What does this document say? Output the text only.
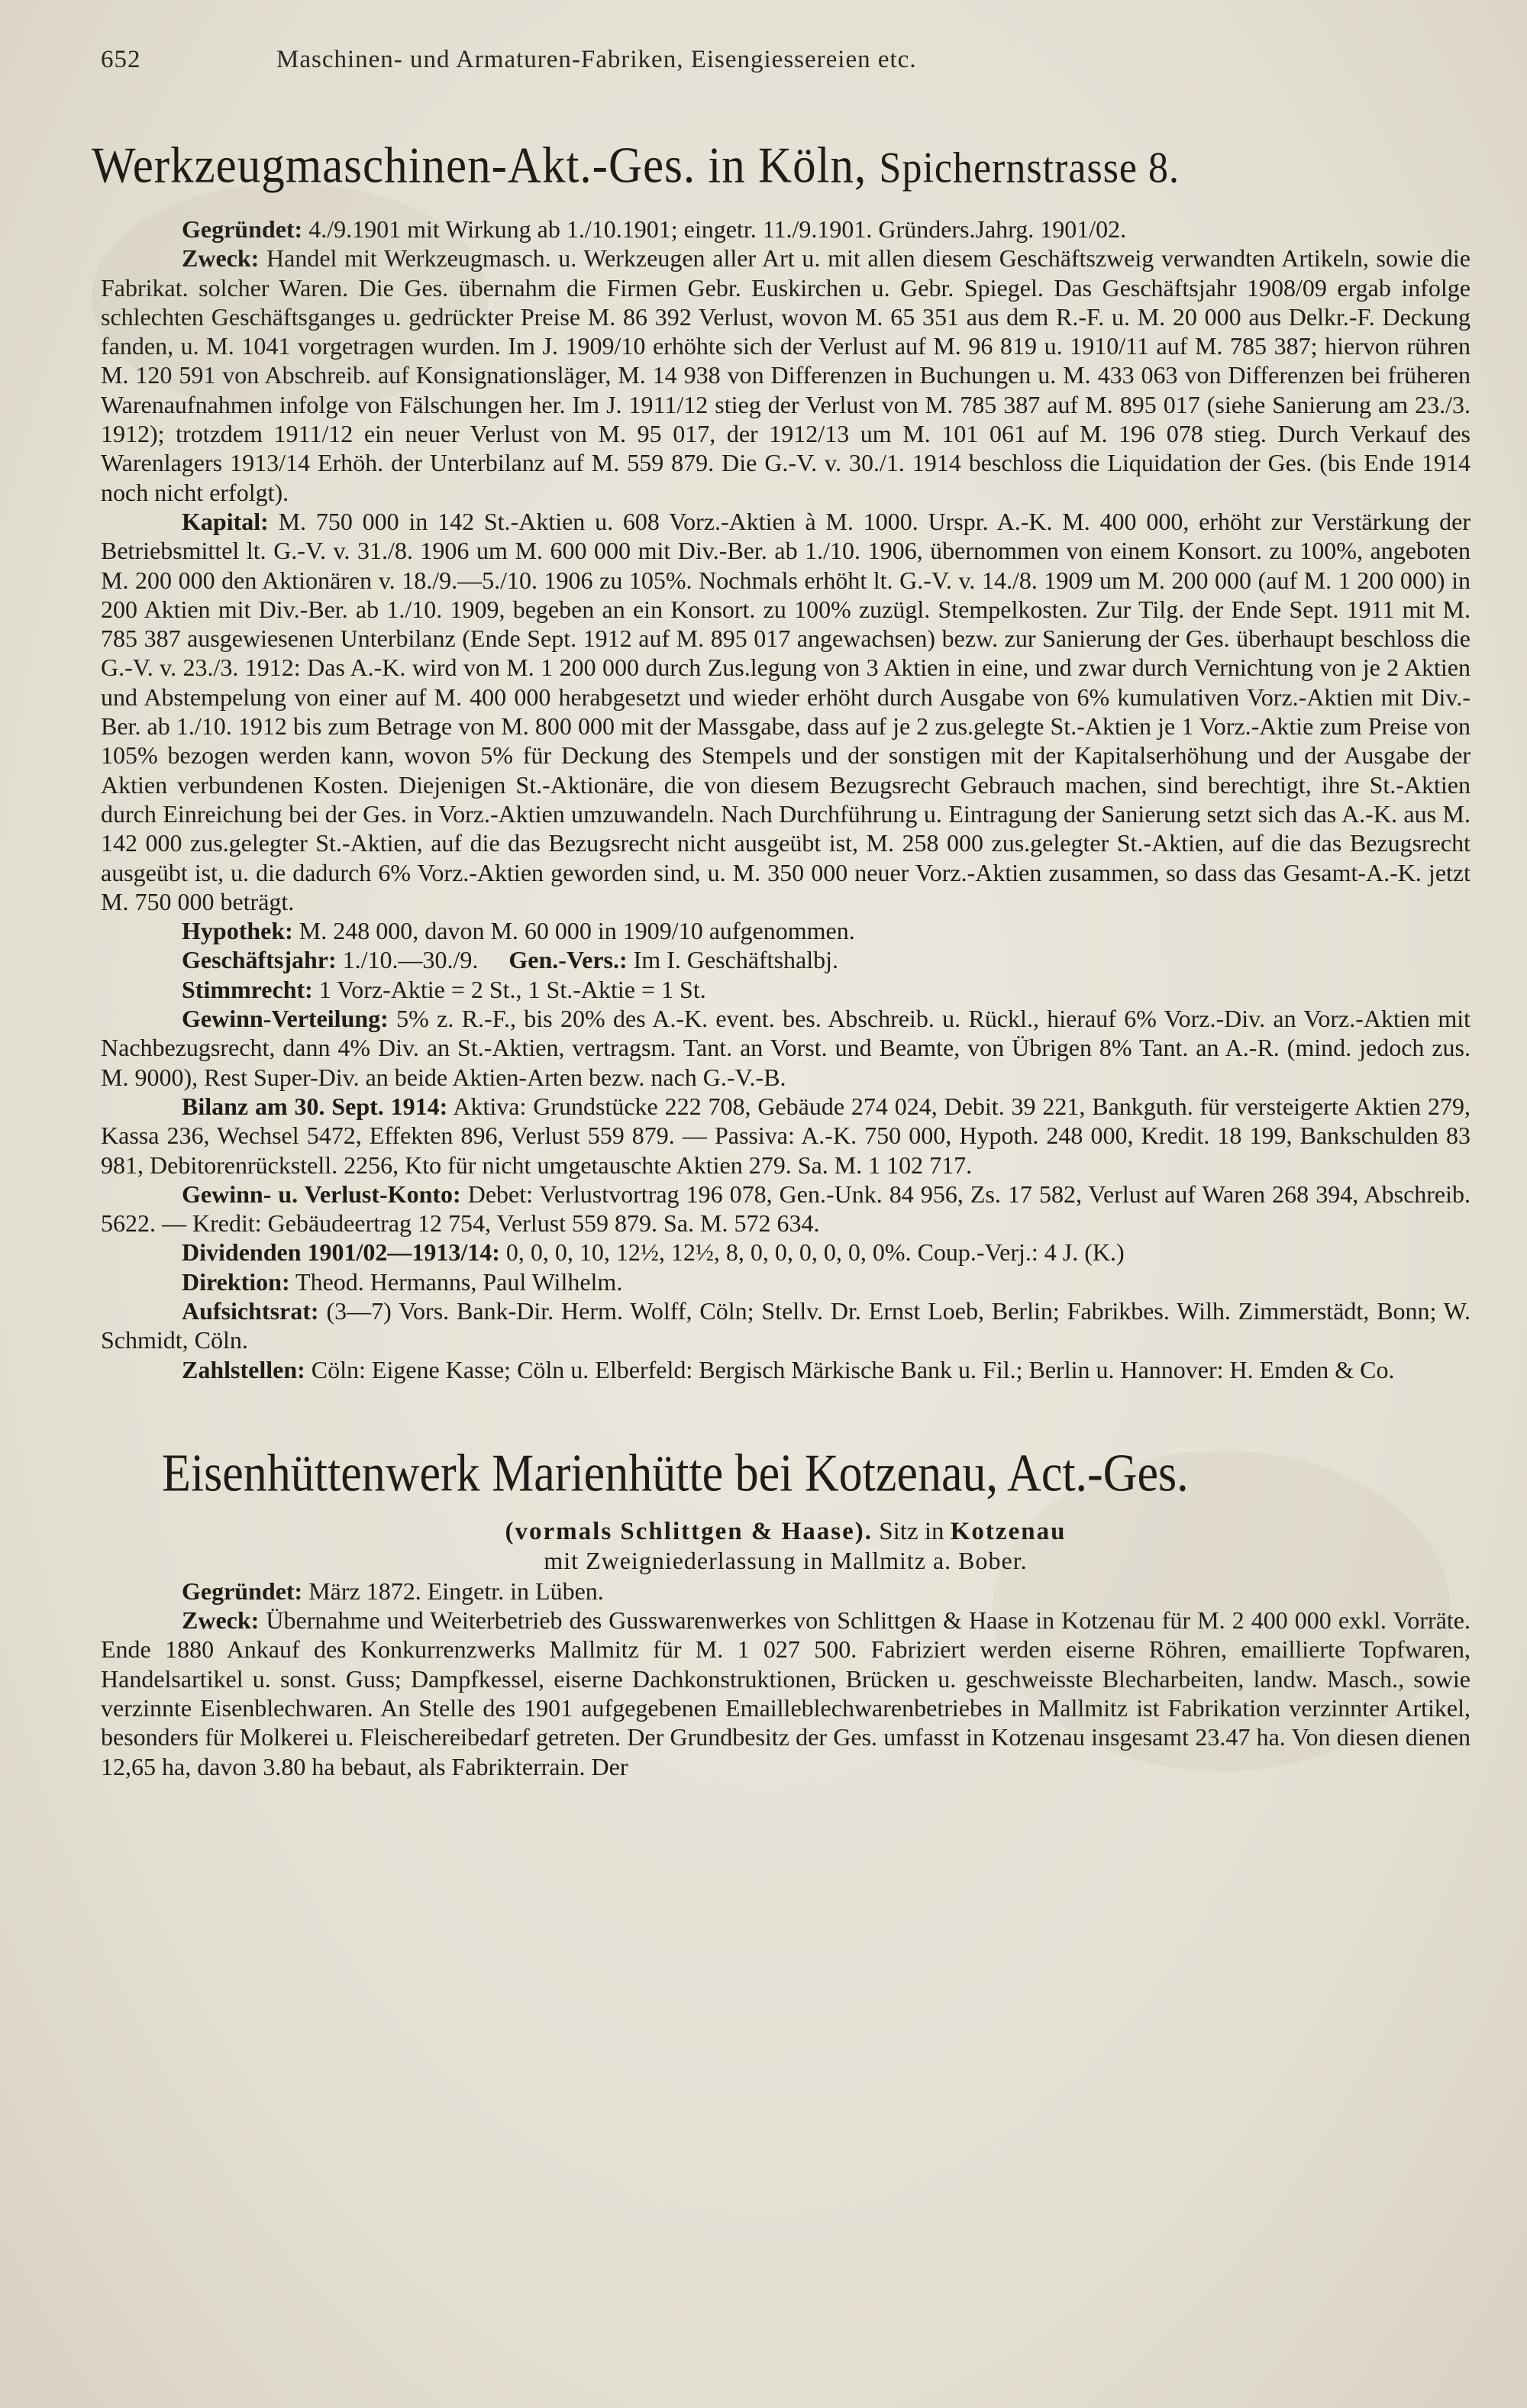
652	Maschinen- und Armaturen-Fabriken, Eisengiessereien etc.
Werkzeugmaschinen-Akt.-Ges. in Köln, Spichernstrasse 8.

Gegründet: 4./9.1901 mit Wirkung ab 1./10.1901; eingetr. 11./9.1901. Gründers.Jahrg. 1901/02.

Zweck: Handel mit Werkzeugmasch. u. Werkzeugen aller Art u. mit allen diesem Geschäftszweig verwandten Artikeln, sowie die Fabrikat. solcher Waren. Die Ges. übernahm die Firmen Gebr. Euskirchen u. Gebr. Spiegel. Das Geschäftsjahr 1908/09 ergab infolge schlechten Geschäftsganges u. gedrückter Preise M. 86 392 Verlust, wovon M. 65 351 aus dem R.-F. u. M. 20 000 aus Delkr.-F. Deckung fanden, u. M. 1041 vorgetragen wurden. Im J. 1909/10 erhöhte sich der Verlust auf M. 96 819 u. 1910/11 auf M. 785 387; hiervon rühren M. 120 591 von Abschreib. auf Konsignationsläger, M. 14 938 von Differenzen in Buchungen u. M. 433 063 von Differenzen bei früheren Warenaufnahmen infolge von Fälschungen her. Im J. 1911/12 stieg der Verlust von M. 785 387 auf M. 895 017 (siehe Sanierung am 23./3. 1912); trotzdem 1911/12 ein neuer Verlust von M. 95 017, der 1912/13 um M. 101 061 auf M. 196 078 stieg. Durch Verkauf des Warenlagers 1913/14 Erhöh. der Unterbilanz auf M. 559 879. Die G.-V. v. 30./1. 1914 beschloss die Liquidation der Ges. (bis Ende 1914 noch nicht erfolgt).

Kapital: M. 750 000 in 142 St.-Aktien u. 608 Vorz.-Aktien à M. 1000. Urspr. A.-K. M. 400 000, erhöht zur Verstärkung der Betriebsmittel lt. G.-V. v. 31./8. 1906 um M. 600 000 mit Div.-Ber. ab 1./10. 1906, übernommen von einem Konsort. zu 100%, angeboten M. 200 000 den Aktionären v. 18./9.—5./10. 1906 zu 105%. Nochmals erhöht lt. G.-V. v. 14./8. 1909 um M. 200 000 (auf M. 1 200 000) in 200 Aktien mit Div.-Ber. ab 1./10. 1909, begeben an ein Konsort. zu 100% zuzügl. Stempelkosten. Zur Tilg. der Ende Sept. 1911 mit M. 785 387 ausgewiesenen Unterbilanz (Ende Sept. 1912 auf M. 895 017 angewachsen) bezw. zur Sanierung der Ges. überhaupt beschloss die G.-V. v. 23./3. 1912: Das A.-K. wird von M. 1 200 000 durch Zus.legung von 3 Aktien in eine, und zwar durch Vernichtung von je 2 Aktien und Abstempelung von einer auf M. 400 000 herabgesetzt und wieder erhöht durch Ausgabe von 6% kumulativen Vorz.-Aktien mit Div.-Ber. ab 1./10. 1912 bis zum Betrage von M. 800 000 mit der Massgabe, dass auf je 2 zus.gelegte St.-Aktien je 1 Vorz.-Aktie zum Preise von 105% bezogen werden kann, wovon 5% für Deckung des Stempels und der sonstigen mit der Kapitalserhöhung und der Ausgabe der Aktien verbundenen Kosten. Diejenigen St.-Aktionäre, die von diesem Bezugsrecht Gebrauch machen, sind berechtigt, ihre St.-Aktien durch Einreichung bei der Ges. in Vorz.-Aktien umzuwandeln. Nach Durchführung u. Eintragung der Sanierung setzt sich das A.-K. aus M. 142 000 zus.gelegter St.-Aktien, auf die das Bezugsrecht nicht ausgeübt ist, M. 258 000 zus.gelegter St.-Aktien, auf die das Bezugsrecht ausgeübt ist, u. die dadurch 6% Vorz.-Aktien geworden sind, u. M. 350 000 neuer Vorz.-Aktien zusammen, so dass das Gesamt-A.-K. jetzt M. 750 000 beträgt.

Hypothek: M. 248 000, davon M. 60 000 in 1909/10 aufgenommen.

Geschäftsjahr: 1./10.—30./9. Gen.-Vers.: Im I. Geschäftshalbj.

Stimmrecht: 1 Vorz-Aktie = 2 St., 1 St.-Aktie = 1 St.

Gewinn-Verteilung: 5% z. R.-F., bis 20% des A.-K. event. bes. Abschreib. u. Rückl., hierauf 6% Vorz.-Div. an Vorz.-Aktien mit Nachbezugsrecht, dann 4% Div. an St.-Aktien, vertragsm. Tant. an Vorst. und Beamte, von Übrigen 8% Tant. an A.-R. (mind. jedoch zus. M. 9000), Rest Super-Div. an beide Aktien-Arten bezw. nach G.-V.-B.

Bilanz am 30. Sept. 1914: Aktiva: Grundstücke 222 708, Gebäude 274 024, Debit. 39 221, Bankguth. für versteigerte Aktien 279, Kassa 236, Wechsel 5472, Effekten 896, Verlust 559 879. — Passiva: A.-K. 750 000, Hypoth. 248 000, Kredit. 18 199, Bankschulden 83 981, Debitorenrückstell. 2256, Kto für nicht umgetauschte Aktien 279. Sa. M. 1 102 717.

Gewinn- u. Verlust-Konto: Debet: Verlustvortrag 196 078, Gen.-Unk. 84 956, Zs. 17 582, Verlust auf Waren 268 394, Abschreib. 5622. — Kredit: Gebäudeertrag 12 754, Verlust 559 879. Sa. M. 572 634.

Dividenden 1901/02—1913/14: 0, 0, 0, 10, 12½, 12½, 8, 0, 0, 0, 0, 0, 0%. Coup.-Verj.: 4 J. (K.)

Direktion: Theod. Hermanns, Paul Wilhelm.

Aufsichtsrat: (3—7) Vors. Bank-Dir. Herm. Wolff, Cöln; Stellv. Dr. Ernst Loeb, Berlin; Fabrikbes. Wilh. Zimmerstädt, Bonn; W. Schmidt, Cöln.

Zahlstellen: Cöln: Eigene Kasse; Cöln u. Elberfeld: Bergisch Märkische Bank u. Fil.; Berlin u. Hannover: H. Emden & Co.

Eisenhüttenwerk Marienhütte bei Kotzenau, Act.-Ges.
(vormals Schlittgen & Haase). Sitz in Kotzenau
mit Zweigniederlassung in Mallmitz a. Bober.

Gegründet: März 1872. Eingetr. in Lüben.

Zweck: Übernahme und Weiterbetrieb des Gusswarenwerkes von Schlittgen & Haase in Kotzenau für M. 2 400 000 exkl. Vorräte. Ende 1880 Ankauf des Konkurrenzwerks Mallmitz für M. 1 027 500. Fabriziert werden eiserne Röhren, emaillierte Topfwaren, Handelsartikel u. sonst. Guss; Dampfkessel, eiserne Dachkonstruktionen, Brücken u. geschweisste Blecharbeiten, landw. Masch., sowie verzinnte Eisenblechwaren. An Stelle des 1901 aufgegebenen Emailleblechwarenbetriebes in Mallmitz ist Fabrikation verzinnter Artikel, besonders für Molkerei u. Fleischereibedarf getreten. Der Grundbesitz der Ges. umfasst in Kotzenau insgesamt 23.47 ha. Von diesen dienen 12,65 ha, davon 3.80 ha bebaut, als Fabrikterrain. Der
